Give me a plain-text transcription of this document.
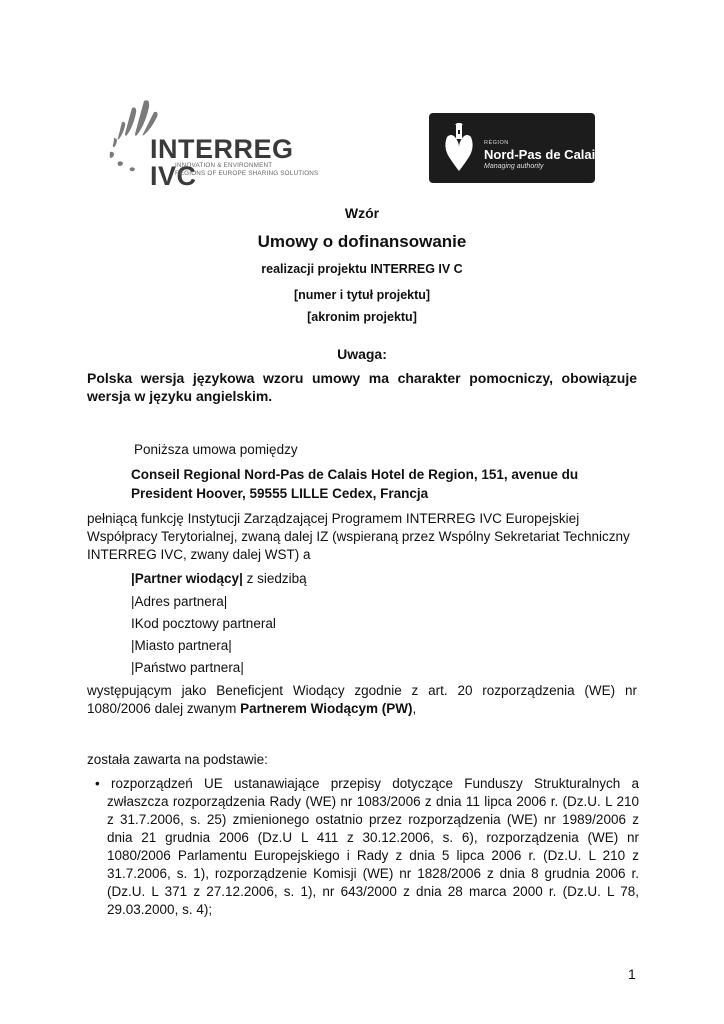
INTERREG IVC
INNOVATION & ENVIRONMENT
REGIONS OF EUROPE SHARING SOLUTIONS
RÉGION
Nord-Pas de Calais
Managing authority
Wzór
Umowy o dofinansowanie
realizacji projektu INTERREG IV C
[numer i tytuł projektu]
[akronim projektu]
Uwaga:
Polska wersja językowa wzoru umowy ma charakter pomocniczy, obowiązuje wersja w języku angielskim.
Poniższa umowa pomiędzy
Conseil Regional Nord-Pas de Calais Hotel de Region, 151, avenue du President Hoover, 59555 LILLE Cedex, Francja
pełniącą funkcję Instytucji Zarządzającej Programem INTERREG IVC Europejskiej Współpracy Terytorialnej, zwaną dalej IZ (wspieraną przez Wspólny Sekretariat Techniczny INTERREG IVC, zwany dalej WST) a
|Partner wiodący| z siedzibą
|Adres partnera|
IKod pocztowy partneral
|Miasto partnera|
|Państwo partnera|
występującym jako Beneficjent Wiodący zgodnie z art. 20 rozporządzenia (WE) nr 1080/2006 dalej zwanym Partnerem Wiodącym (PW),
została zawarta na podstawie:
• rozporządzeń UE ustanawiające przepisy dotyczące Funduszy Strukturalnych a zwłaszcza rozporządzenia Rady (WE) nr 1083/2006 z dnia 11 lipca 2006 r. (Dz.U. L 210 z 31.7.2006, s. 25) zmienionego ostatnio przez rozporządzenia (WE) nr 1989/2006 z dnia 21 grudnia 2006 (Dz.U L 411 z 30.12.2006, s. 6), rozporządzenia (WE) nr 1080/2006 Parlamentu Europejskiego i Rady z dnia 5 lipca 2006 r. (Dz.U. L 210 z 31.7.2006, s. 1), rozporządzenie Komisji (WE) nr 1828/2006 z dnia 8 grudnia 2006 r. (Dz.U. L 371 z 27.12.2006, s. 1), nr 643/2000 z dnia 28 marca 2000 r. (Dz.U. L 78, 29.03.2000, s. 4);
1
